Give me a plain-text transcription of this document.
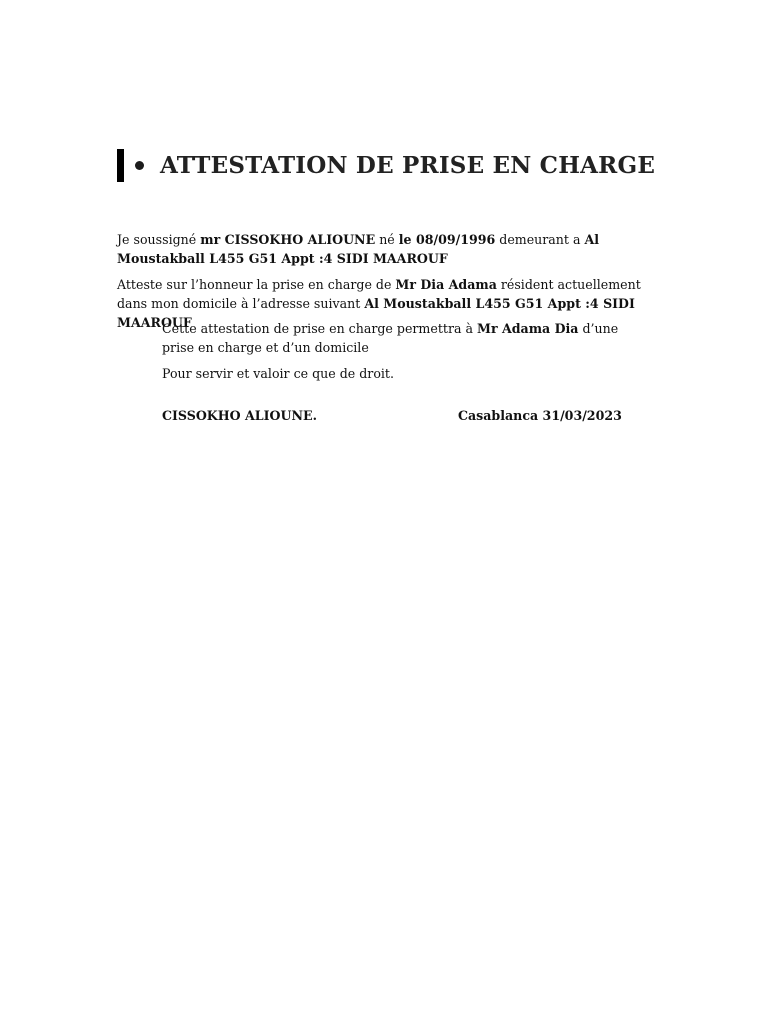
ATTESTATION DE PRISE EN CHARGE
Je soussigné mr CISSOKHO ALIOUNE né le 08/09/1996 demeurant a Al Moustakball L455 G51 Appt :4 SIDI MAAROUF
Atteste sur l’honneur la prise en charge de Mr Dia Adama résident actuellement dans mon domicile à l’adresse suivant Al Moustakball L455 G51 Appt :4 SIDI MAAROUF
Cette attestation de prise en charge permettra à Mr Adama Dia d’une prise en charge et d’un domicile
Pour servir et valoir ce que de droit.
CISSOKHO ALIOUNE.	Casablanca 31/03/2023
